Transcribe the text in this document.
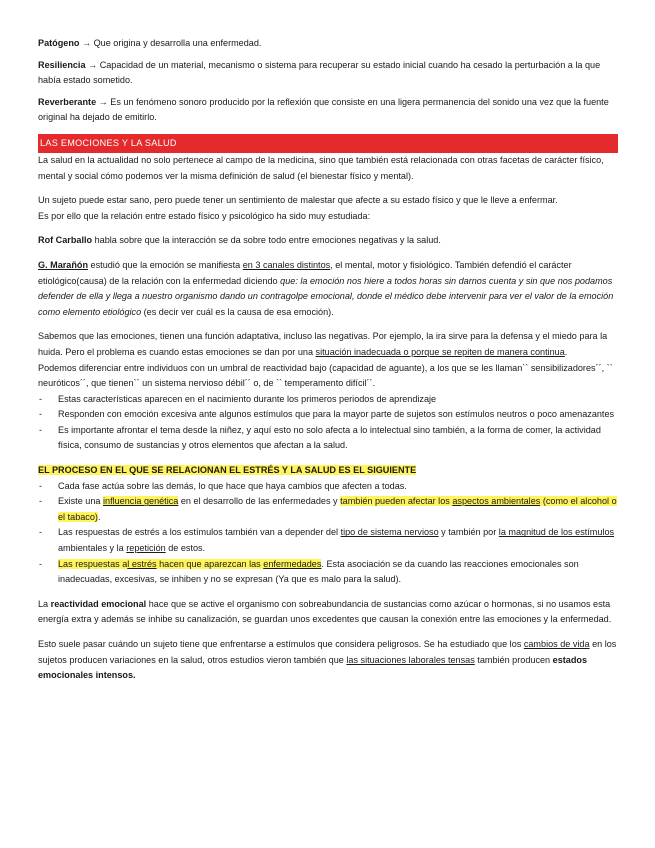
Patógeno → Que origina y desarrolla una enfermedad.

Resiliencia → Capacidad de un material, mecanismo o sistema para recuperar su estado inicial cuando ha cesado la perturbación a la que había estado sometido.

Reverberante → Es un fenómeno sonoro producido por la reflexión que consiste en una ligera permanencia del sonido una vez que la fuente original ha dejado de emitirlo.

LAS EMOCIONES Y LA SALUD

La salud en la actualidad no solo pertenece al campo de la medicina, sino que también está relacionada con otras facetas de carácter físico, mental y social cómo podemos ver la misma definición de salud (el bienestar físico y mental).

Un sujeto puede estar sano, pero puede tener un sentimiento de malestar que afecte a su estado físico y que le lleve a enfermar.

Es por ello que la relación entre estado físico y psicológico ha sido muy estudiada:

Rof Carballo habla sobre que la interacción se da sobre todo entre emociones negativas y la salud.

G. Marañón estudió que la emoción se manifiesta en 3 canales distintos, el mental, motor y fisiológico. También defendió el carácter etiológico(causa) de la relación con la enfermedad diciendo que: la emoción nos hiere a todos horas sin darnos cuenta y sin que nos podamos defender de ella y llega a nuestro organismo dando un contragolpe emocional, donde el médico debe intervenir para ver el valor de la emoción como elemento etiológico (es decir ver cuál es la causa de esa emoción).

Sabemos que las emociones, tienen una función adaptativa, incluso las negativas. Por ejemplo, la ira sirve para la defensa y el miedo para la huida. Pero el problema es cuando estas emociones se dan por una situación inadecuada o porque se repiten de manera continua.

Podemos diferenciar entre individuos con un umbral de reactividad bajo (capacidad de aguante), a los que se les llaman`` sensibilizadores´´, `` neuróticos´´, que tienen`` un sistema nervioso débil´´ o, de `` temperamento difícil´´.

- Estas características aparecen en el nacimiento durante los primeros periodos de aprendizaje
- Responden con emoción excesiva ante algunos estímulos que para la mayor parte de sujetos son estímulos neutros o poco amenazantes
- Es importante afrontar el tema desde la niñez, y aquí esto no solo afecta a lo intelectual sino también, a la forma de comer, la actividad física, consumo de sustancias y otros elementos que afectan a la salud.

EL PROCESO EN EL QUE SE RELACIONAN EL ESTRÉS Y LA SALUD ES EL SIGUIENTE

- Cada fase actúa sobre las demás, lo que hace que haya cambios que afecten a todas.
- Existe una influencia genética en el desarrollo de las enfermedades y también pueden afectar los aspectos ambientales (como el alcohol o el tabaco).
- Las respuestas de estrés a los estímulos también van a depender del tipo de sistema nervioso y también por la magnitud de los estímulos ambientales y la repetición de estos.
- Las respuestas al estrés hacen que aparezcan las enfermedades. Esta asociación se da cuando las reacciones emocionales son inadecuadas, excesivas, se inhiben y no se expresan (Ya que es malo para la salud).

La reactividad emocional hace que se active el organismo con sobreabundancia de sustancias como azúcar o hormonas, si no usamos esta energía extra y además se inhibe su canalización, se guardan unos excedentes que causan la conexión entre las emociones y la enfermedad.

Esto suele pasar cuándo un sujeto tiene que enfrentarse a estímulos que considera peligrosos. Se ha estudiado que los cambios de vida en los sujetos producen variaciones en la salud, otros estudios vieron también que las situaciones laborales tensas también producen estados emocionales intensos.
